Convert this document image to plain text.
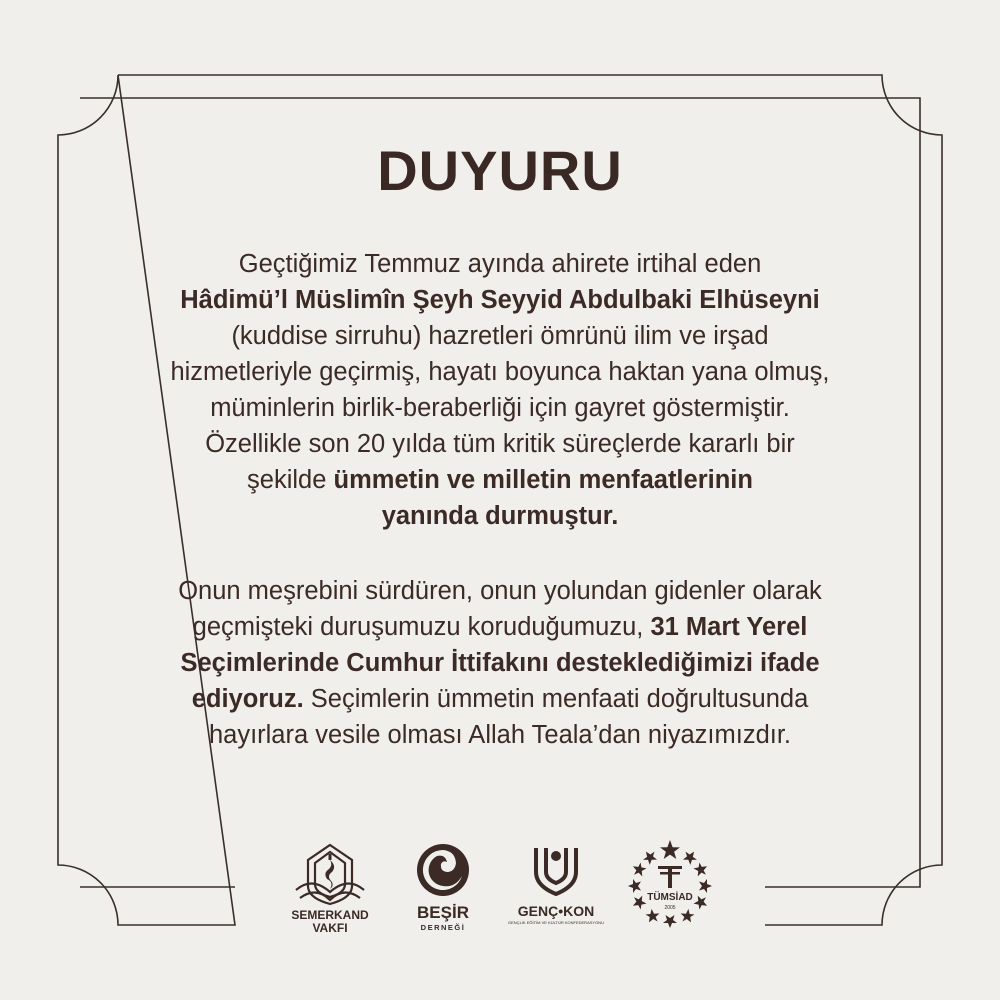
DUYURU
Geçtiğimiz Temmuz ayında ahirete irtihal eden
Hâdimü’l Müslimîn Şeyh Seyyid Abdulbaki Elhüseyni
(kuddise sirruhu) hazretleri ömrünü ilim ve irşad
hizmetleriyle geçirmiş, hayatı boyunca haktan yana olmuş,
müminlerin birlik-beraberliği için gayret göstermiştir.
Özellikle son 20 yılda tüm kritik süreçlerde kararlı bir
şekilde ümmetin ve milletin menfaatlerinin
yanında durmuştur.
Onun meşrebini sürdüren, onun yolundan gidenler olarak
geçmişteki duruşumuzu koruduğumuzu, 31 Mart Yerel
Seçimlerinde Cumhur İttifakını desteklediğimizi ifade
ediyoruz. Seçimlerin ümmetin menfaati doğrultusunda
hayırlara vesile olması Allah Teala’dan niyazımızdır.
SEMERKAND
VAKFI
BEŞİR
DERNEĞİ
GENÇ•KON
GENÇLİK EĞİTİM VE KÜLTÜR KONFEDERASYONU
TÜMSİAD
2005
